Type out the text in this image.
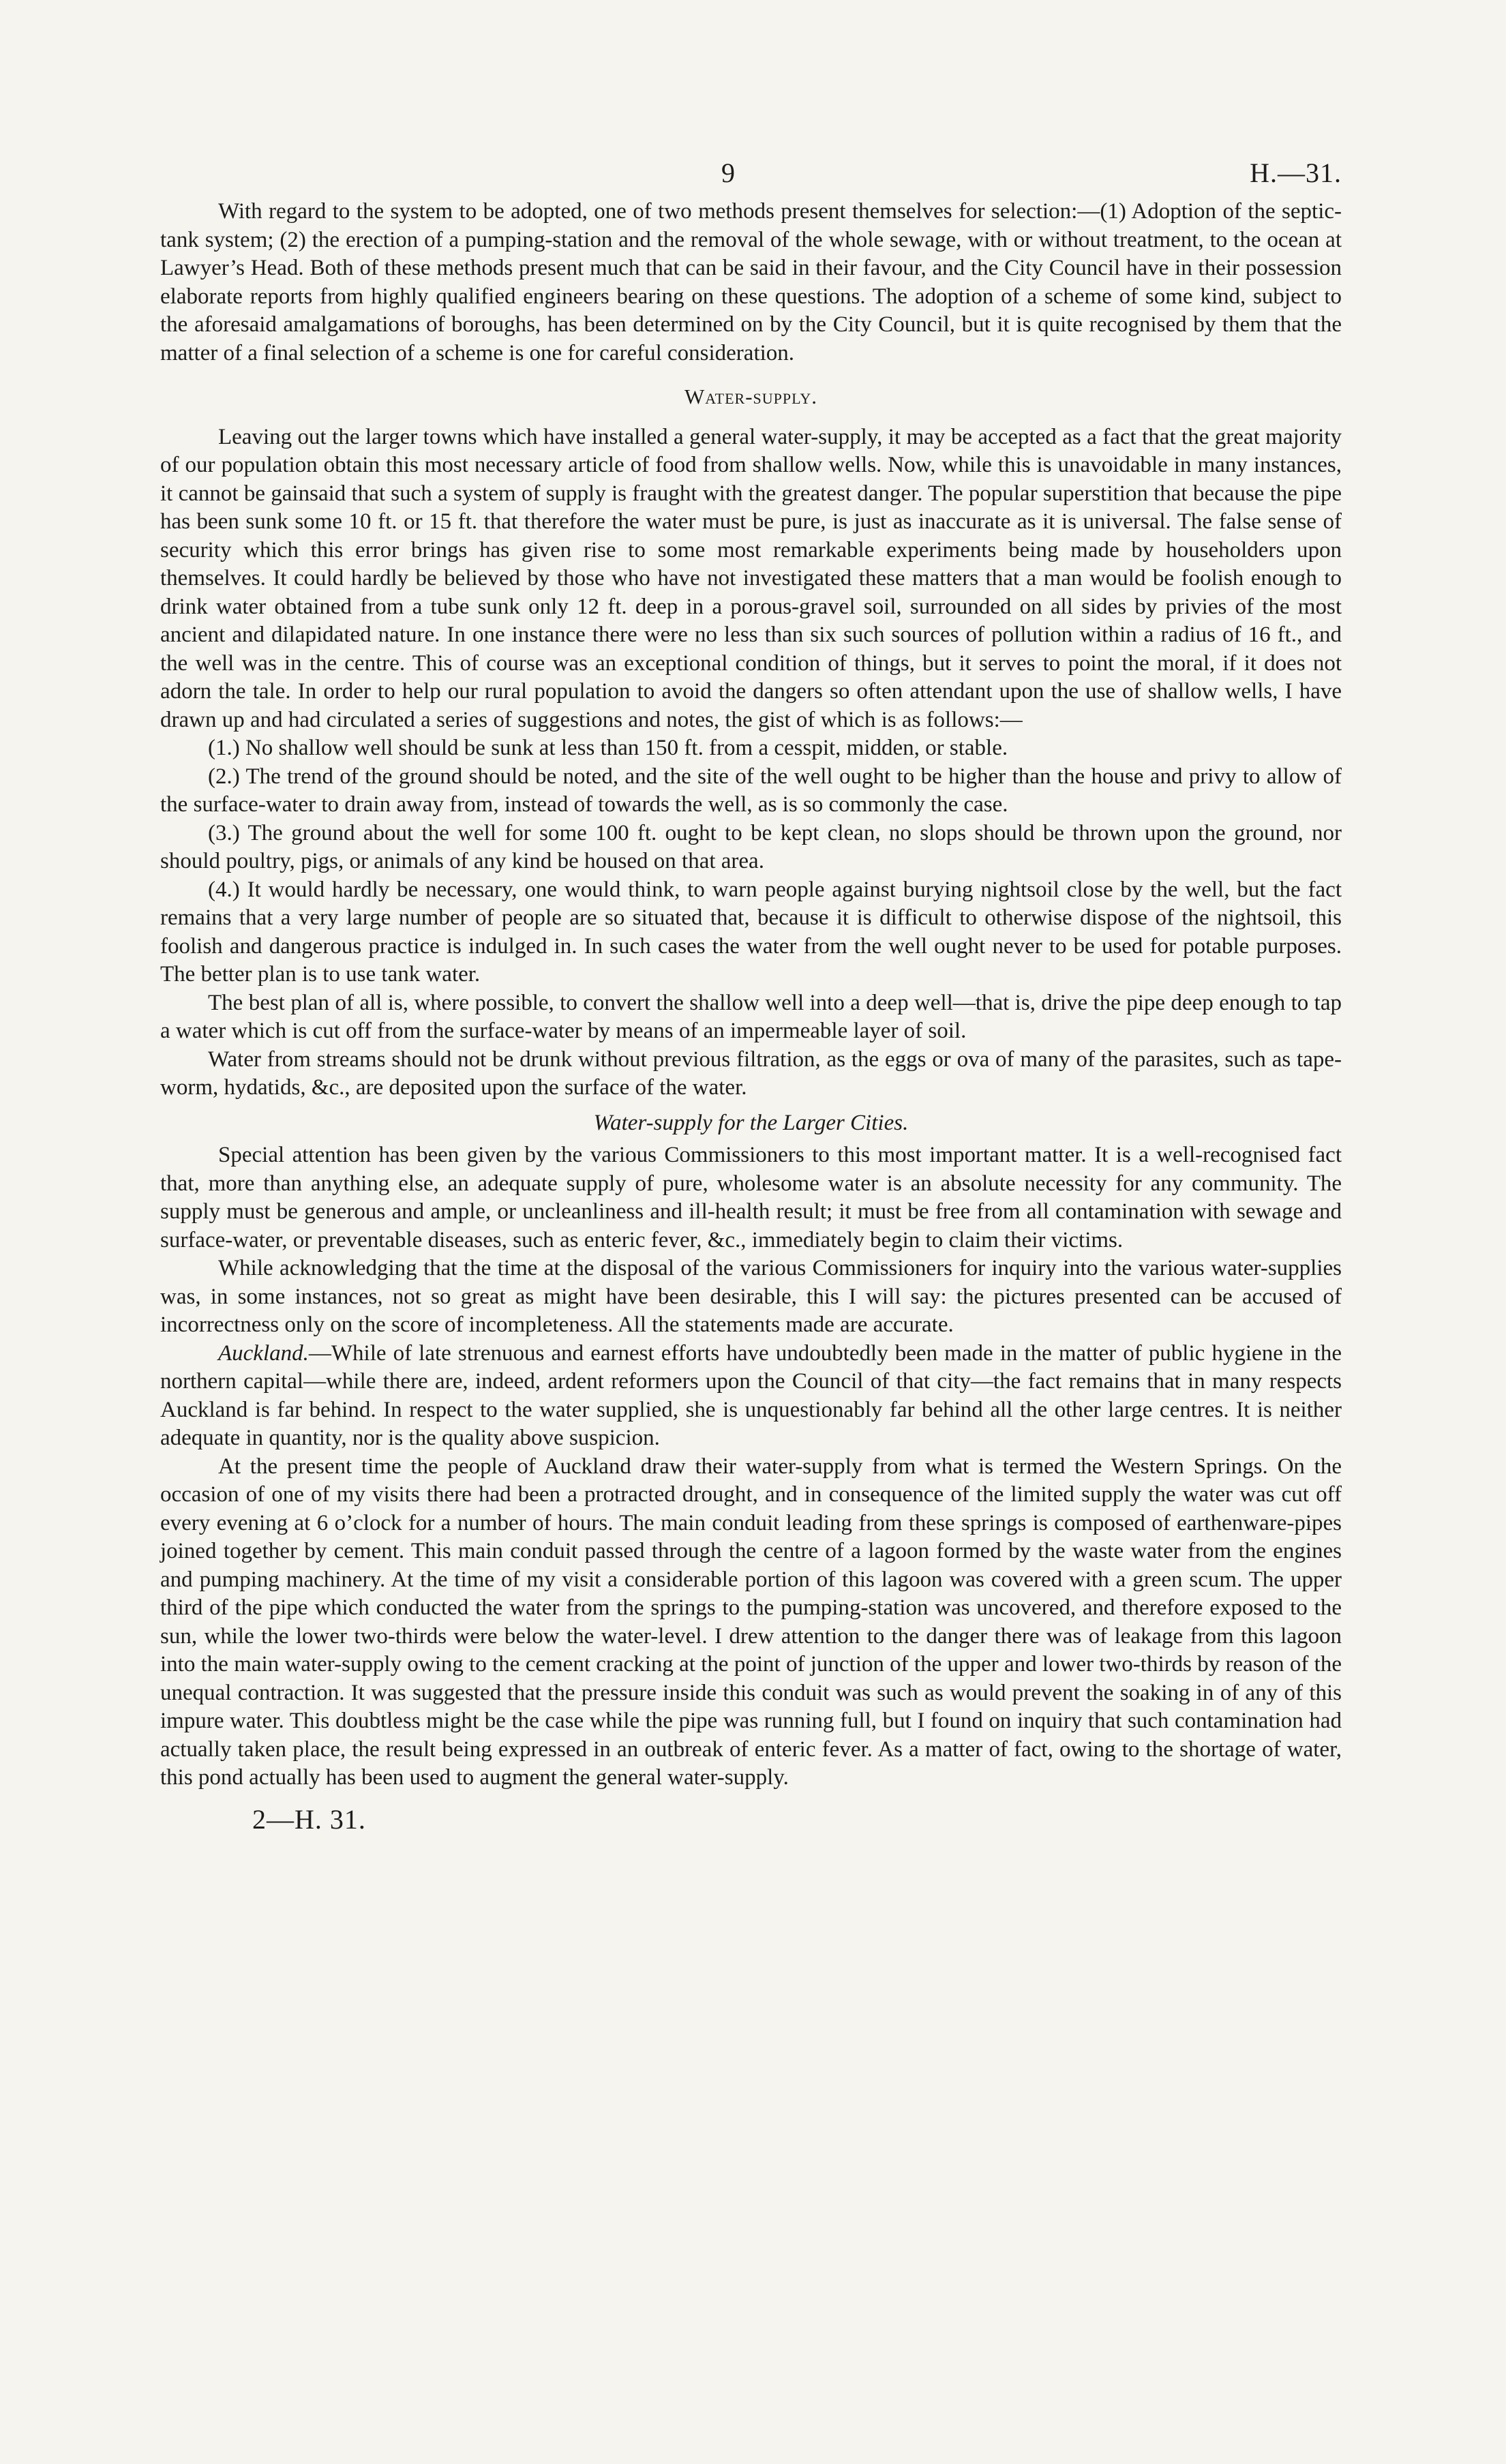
9	H.—31.

With regard to the system to be adopted, one of two methods present themselves for selection:—(1) Adoption of the septic-tank system; (2) the erection of a pumping-station and the removal of the whole sewage, with or without treatment, to the ocean at Lawyer’s Head. Both of these methods present much that can be said in their favour, and the City Council have in their possession elaborate reports from highly qualified engineers bearing on these questions. The adoption of a scheme of some kind, subject to the aforesaid amalgamations of boroughs, has been determined on by the City Council, but it is quite recognised by them that the matter of a final selection of a scheme is one for careful consideration.

Water-supply.

Leaving out the larger towns which have installed a general water-supply, it may be accepted as a fact that the great majority of our population obtain this most necessary article of food from shallow wells. Now, while this is unavoidable in many instances, it cannot be gainsaid that such a system of supply is fraught with the greatest danger. The popular superstition that because the pipe has been sunk some 10 ft. or 15 ft. that therefore the water must be pure, is just as inaccurate as it is universal. The false sense of security which this error brings has given rise to some most remarkable experiments being made by householders upon themselves. It could hardly be believed by those who have not investigated these matters that a man would be foolish enough to drink water obtained from a tube sunk only 12 ft. deep in a porous-gravel soil, surrounded on all sides by privies of the most ancient and dilapidated nature. In one instance there were no less than six such sources of pollution within a radius of 16 ft., and the well was in the centre. This of course was an exceptional condition of things, but it serves to point the moral, if it does not adorn the tale. In order to help our rural population to avoid the dangers so often attendant upon the use of shallow wells, I have drawn up and had circulated a series of suggestions and notes, the gist of which is as follows:—

(1.) No shallow well should be sunk at less than 150 ft. from a cesspit, midden, or stable.

(2.) The trend of the ground should be noted, and the site of the well ought to be higher than the house and privy to allow of the surface-water to drain away from, instead of towards the well, as is so commonly the case.

(3.) The ground about the well for some 100 ft. ought to be kept clean, no slops should be thrown upon the ground, nor should poultry, pigs, or animals of any kind be housed on that area.

(4.) It would hardly be necessary, one would think, to warn people against burying nightsoil close by the well, but the fact remains that a very large number of people are so situated that, because it is difficult to otherwise dispose of the nightsoil, this foolish and dangerous practice is indulged in. In such cases the water from the well ought never to be used for potable purposes. The better plan is to use tank water.

The best plan of all is, where possible, to convert the shallow well into a deep well—that is, drive the pipe deep enough to tap a water which is cut off from the surface-water by means of an impermeable layer of soil.

Water from streams should not be drunk without previous filtration, as the eggs or ova of many of the parasites, such as tape-worm, hydatids, &c., are deposited upon the surface of the water.

Water-supply for the Larger Cities.

Special attention has been given by the various Commissioners to this most important matter. It is a well-recognised fact that, more than anything else, an adequate supply of pure, wholesome water is an absolute necessity for any community. The supply must be generous and ample, or uncleanliness and ill-health result; it must be free from all contamination with sewage and surface-water, or preventable diseases, such as enteric fever, &c., immediately begin to claim their victims.

While acknowledging that the time at the disposal of the various Commissioners for inquiry into the various water-supplies was, in some instances, not so great as might have been desirable, this I will say: the pictures presented can be accused of incorrectness only on the score of incompleteness. All the statements made are accurate.

Auckland.—While of late strenuous and earnest efforts have undoubtedly been made in the matter of public hygiene in the northern capital—while there are, indeed, ardent reformers upon the Council of that city—the fact remains that in many respects Auckland is far behind. In respect to the water supplied, she is unquestionably far behind all the other large centres. It is neither adequate in quantity, nor is the quality above suspicion.

At the present time the people of Auckland draw their water-supply from what is termed the Western Springs. On the occasion of one of my visits there had been a protracted drought, and in consequence of the limited supply the water was cut off every evening at 6 o’clock for a number of hours. The main conduit leading from these springs is composed of earthenware-pipes joined together by cement. This main conduit passed through the centre of a lagoon formed by the waste water from the engines and pumping machinery. At the time of my visit a considerable portion of this lagoon was covered with a green scum. The upper third of the pipe which conducted the water from the springs to the pumping-station was uncovered, and therefore exposed to the sun, while the lower two-thirds were below the water-level. I drew attention to the danger there was of leakage from this lagoon into the main water-supply owing to the cement cracking at the point of junction of the upper and lower two-thirds by reason of the unequal contraction. It was suggested that the pressure inside this conduit was such as would prevent the soaking in of any of this impure water. This doubtless might be the case while the pipe was running full, but I found on inquiry that such contamination had actually taken place, the result being expressed in an outbreak of enteric fever. As a matter of fact, owing to the shortage of water, this pond actually has been used to augment the general water-supply.

2—H. 31.
